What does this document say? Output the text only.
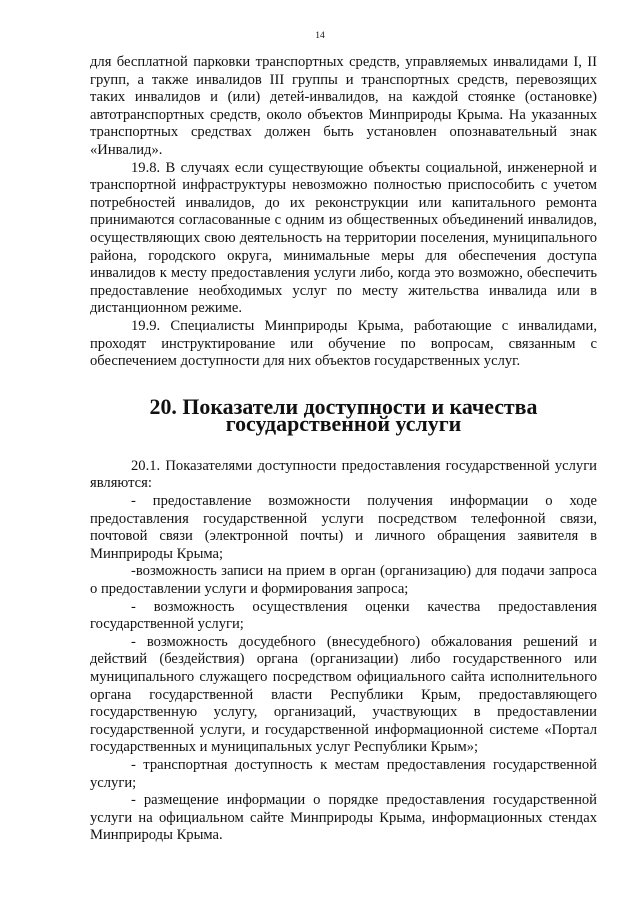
14

для бесплатной парковки транспортных средств, управляемых инвалидами I, II групп, а также инвалидов III группы и транспортных средств, перевозящих таких инвалидов и (или) детей-инвалидов, на каждой стоянке (остановке) автотранспортных средств, около объектов Минприроды Крыма. На указанных транспортных средствах должен быть установлен опознавательный знак «Инвалид».

19.8. В случаях если существующие объекты социальной, инженерной и транспортной инфраструктуры невозможно полностью приспособить с учетом потребностей инвалидов, до их реконструкции или капитального ремонта принимаются согласованные с одним из общественных объединений инвалидов, осуществляющих свою деятельность на территории поселения, муниципального района, городского округа, минимальные меры для обеспечения доступа инвалидов к месту предоставления услуги либо, когда это возможно, обеспечить предоставление необходимых услуг по месту жительства инвалида или в дистанционном режиме.

19.9. Специалисты Минприроды Крыма, работающие с инвалидами, проходят инструктирование или обучение по вопросам, связанным с обеспечением доступности для них объектов государственных услуг.

20. Показатели доступности и качества государственной услуги

20.1. Показателями доступности предоставления государственной услуги являются:

- предоставление возможности получения информации о ходе предоставления государственной услуги посредством телефонной связи, почтовой связи (электронной почты) и личного обращения заявителя в Минприроды Крыма;

-возможность записи на прием в орган (организацию) для подачи запроса о предоставлении услуги и формирования запроса;

- возможность осуществления оценки качества предоставления государственной услуги;

- возможность досудебного (внесудебного) обжалования решений и действий (бездействия) органа (организации) либо государственного или муниципального служащего посредством официального сайта исполнительного органа государственной власти Республики Крым, предоставляющего государственную услугу, организаций, участвующих в предоставлении государственной услуги, и государственной информационной системе «Портал государственных и муниципальных услуг Республики Крым»;

- транспортная доступность к местам предоставления государственной услуги;

- размещение информации о порядке предоставления государственной услуги на официальном сайте Минприроды Крыма, информационных стендах Минприроды Крыма.
